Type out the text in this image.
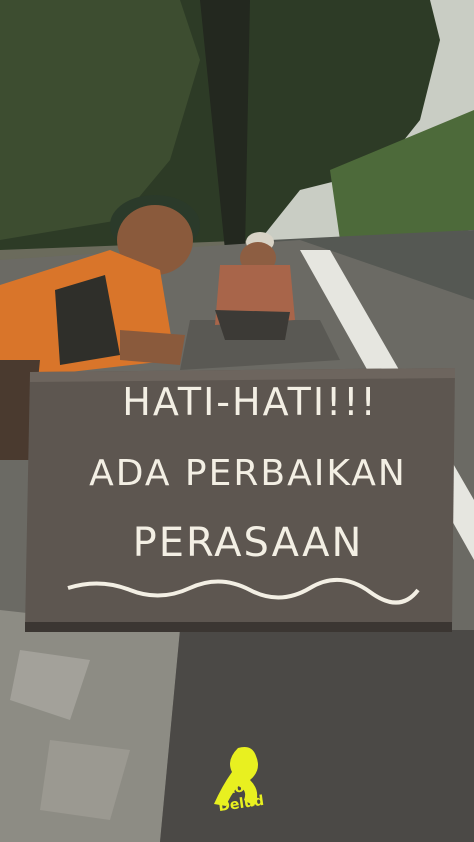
HATI-HATI!!!
ADA PERBAIKAN
PERASAAN
Aop Delud
